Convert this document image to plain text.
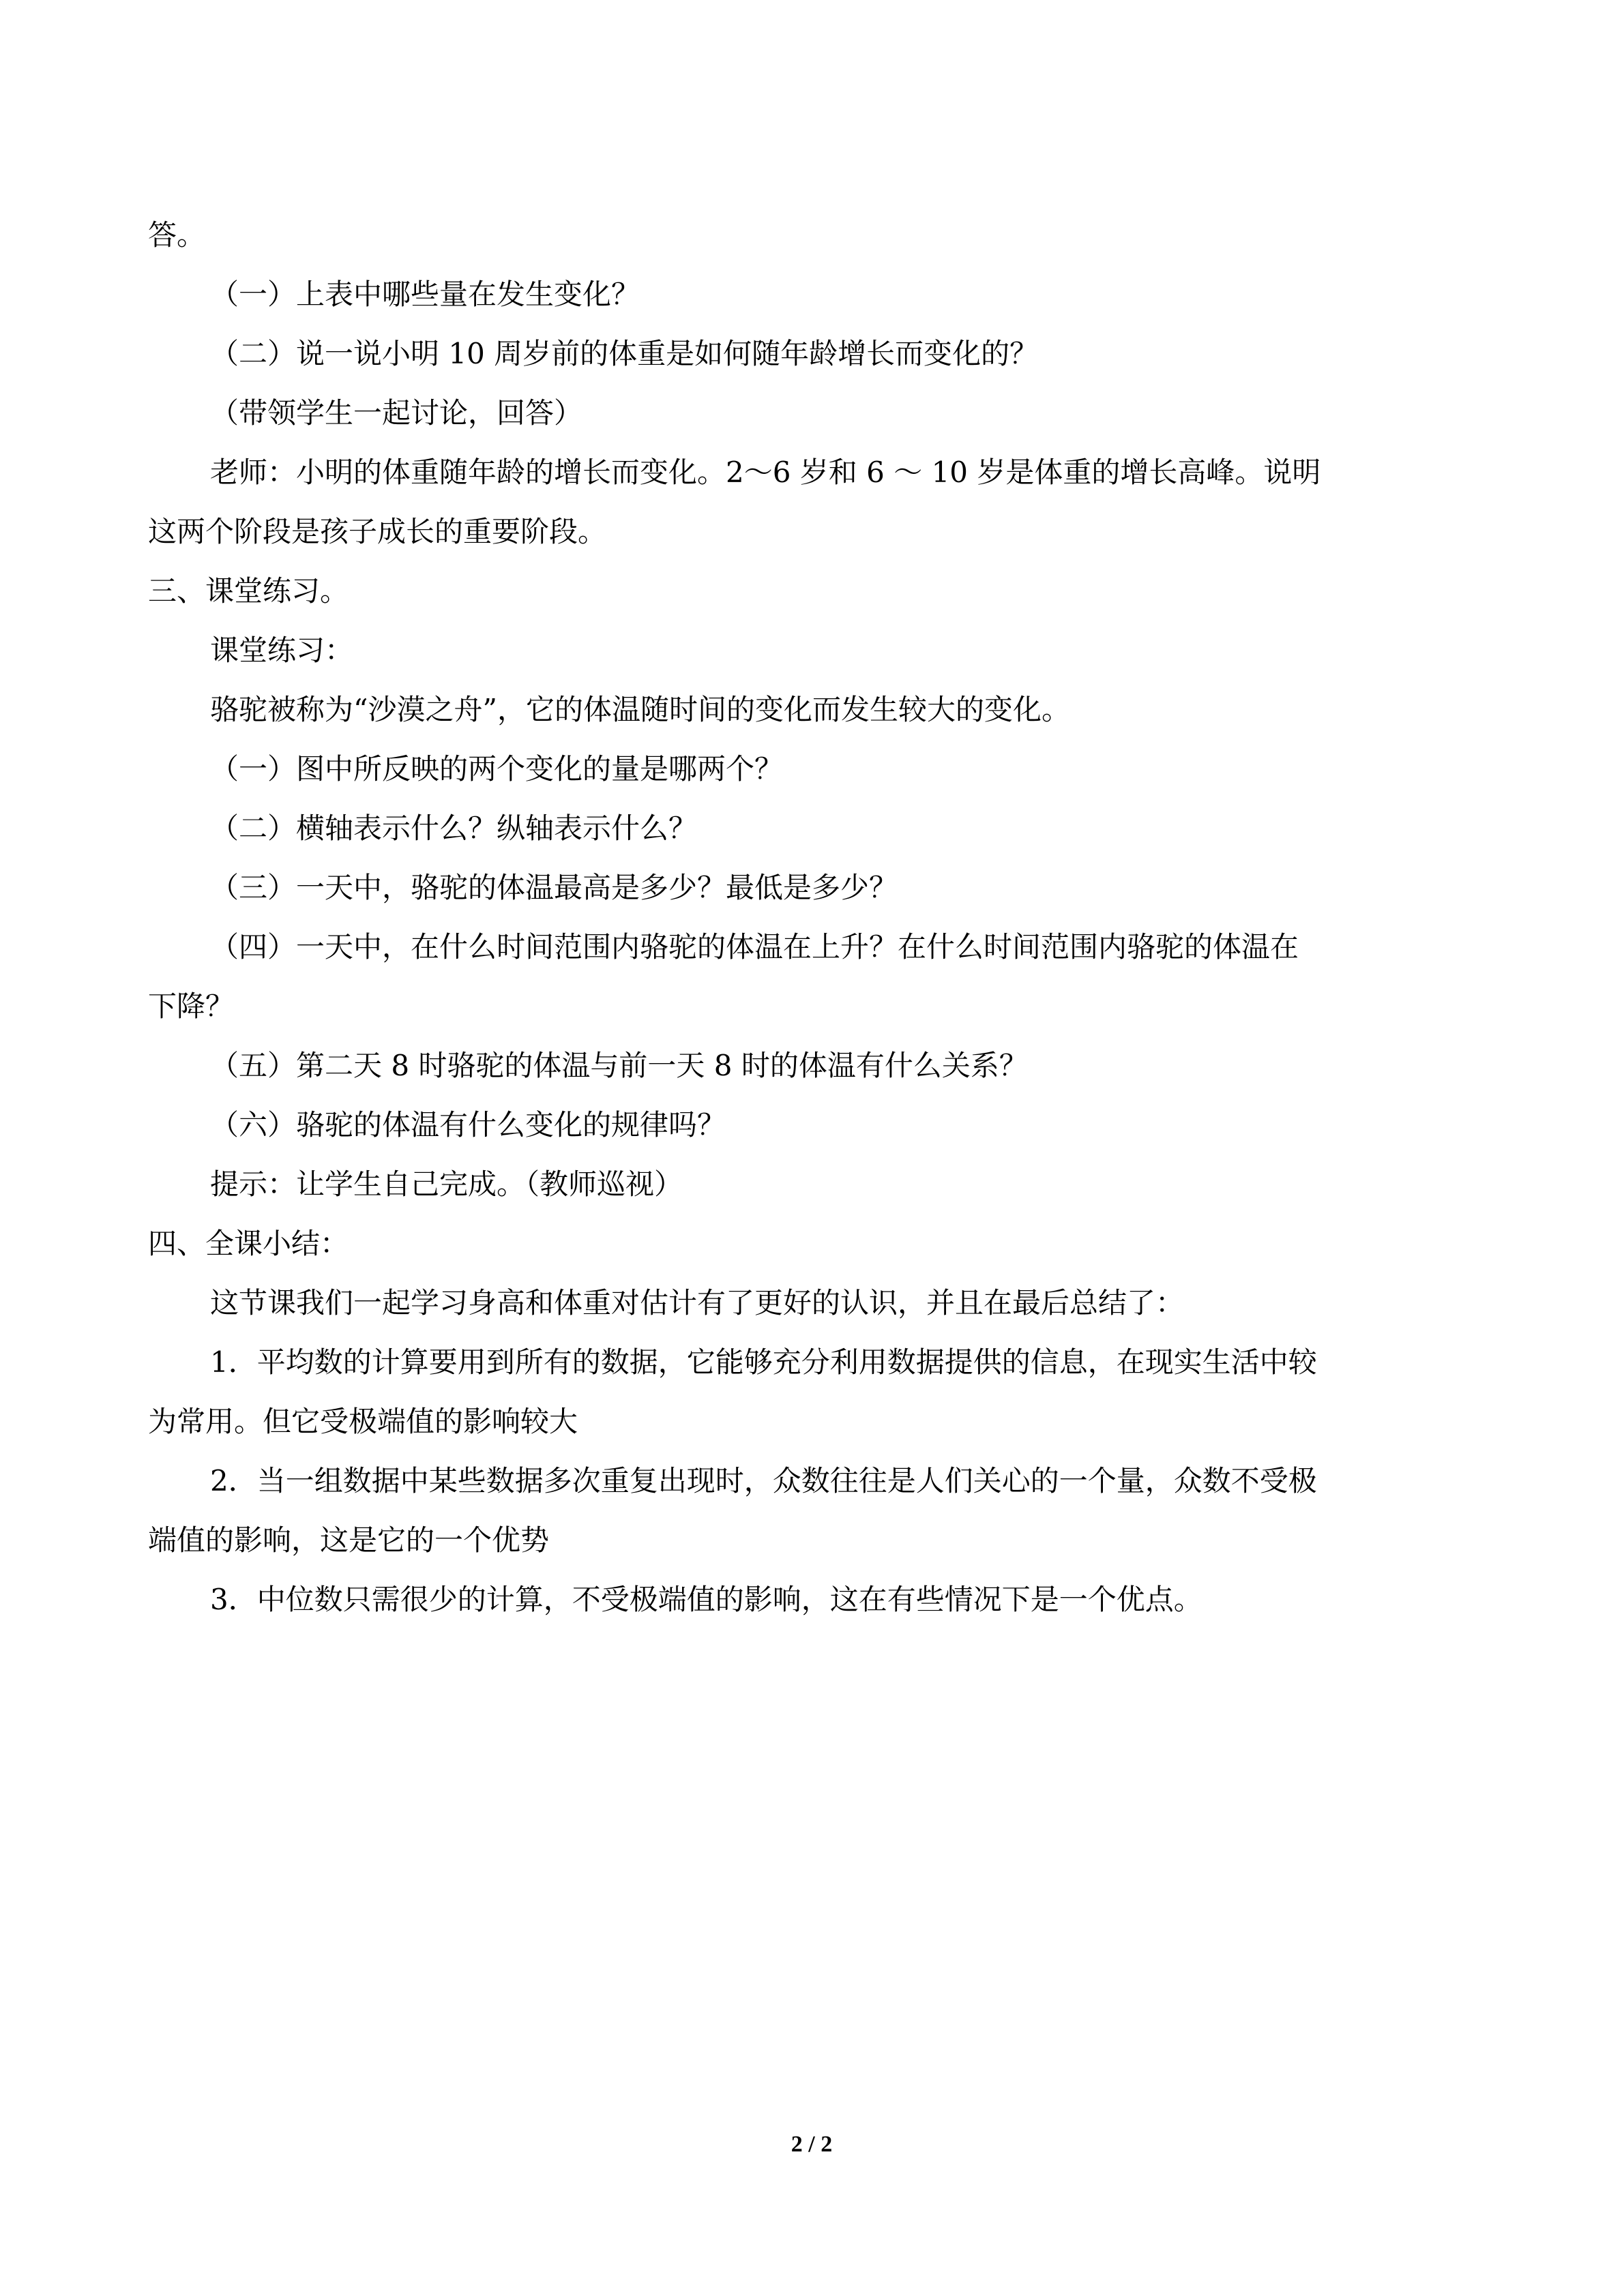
答。

（一）上表中哪些量在发生变化？

（二）说一说小明 10 周岁前的体重是如何随年龄增长而变化的？

（带领学生一起讨论，回答）

老师：小明的体重随年龄的增长而变化。2～6 岁和 6 ～ 10 岁是体重的增长高峰。说明

这两个阶段是孩子成长的重要阶段。

三、课堂练习。

课堂练习：

骆驼被称为“沙漠之舟”，它的体温随时间的变化而发生较大的变化。

（一）图中所反映的两个变化的量是哪两个？

（二）横轴表示什么？纵轴表示什么？

（三）一天中，骆驼的体温最高是多少？最低是多少？

（四）一天中，在什么时间范围内骆驼的体温在上升？在什么时间范围内骆驼的体温在

下降？

（五）第二天 8 时骆驼的体温与前一天 8 时的体温有什么关系？

（六）骆驼的体温有什么变化的规律吗？

提示：让学生自己完成。（教师巡视）

四、全课小结：

这节课我们一起学习身高和体重对估计有了更好的认识，并且在最后总结了：

1．平均数的计算要用到所有的数据，它能够充分利用数据提供的信息，在现实生活中较

为常用。但它受极端值的影响较大

2．当一组数据中某些数据多次重复出现时，众数往往是人们关心的一个量，众数不受极

端值的影响，这是它的一个优势

3．中位数只需很少的计算，不受极端值的影响，这在有些情况下是一个优点。

2 / 2
